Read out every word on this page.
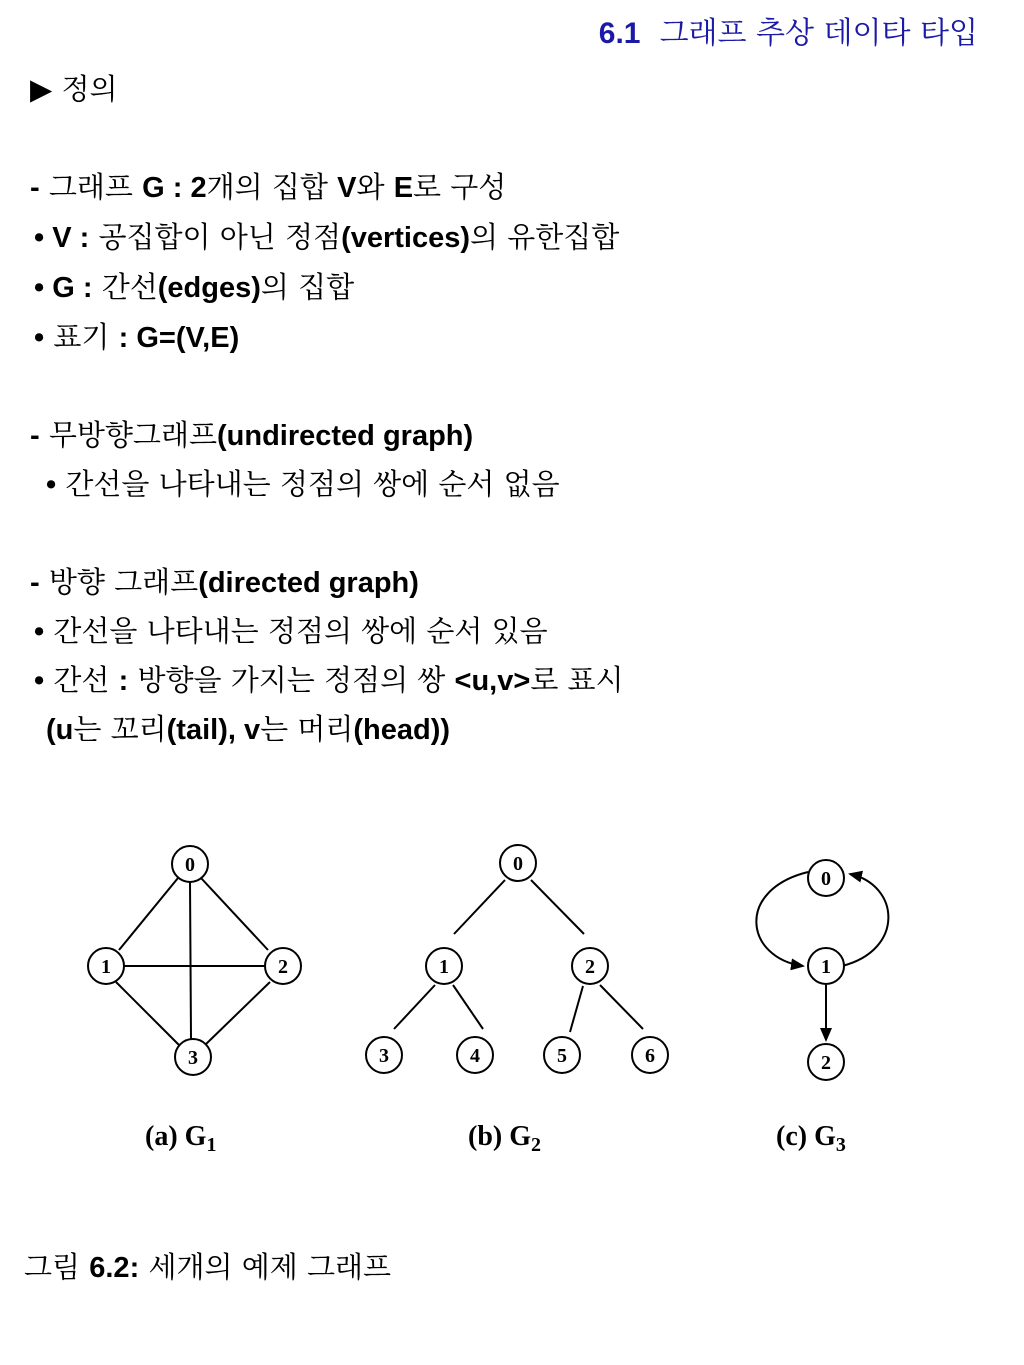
6.1 그래프 추상 데이타 타입
▶ 정의
- 그래프 G : 2개의 집합 V와 E로 구성
• V : 공집합이 아닌 정점(vertices)의 유한집합
• G : 간선(edges)의 집합
• 표기 : G=(V,E)
- 무방향그래프(undirected graph)
• 간선을 나타내는 정점의 쌍에 순서 없음
- 방향 그래프(directed graph)
• 간선을 나타내는 정점의 쌍에 순서 있음
• 간선 : 방향을 가지는 정점의 쌍 <u,v>로 표시
(u는 꼬리(tail), v는 머리(head))
0
1	2
3
0
1	2
3	4	5	6
0
1
2
(a) $G_1$	(b) $G_2$	(c) $G_3$
그림 6.2: 세개의 예제 그래프
